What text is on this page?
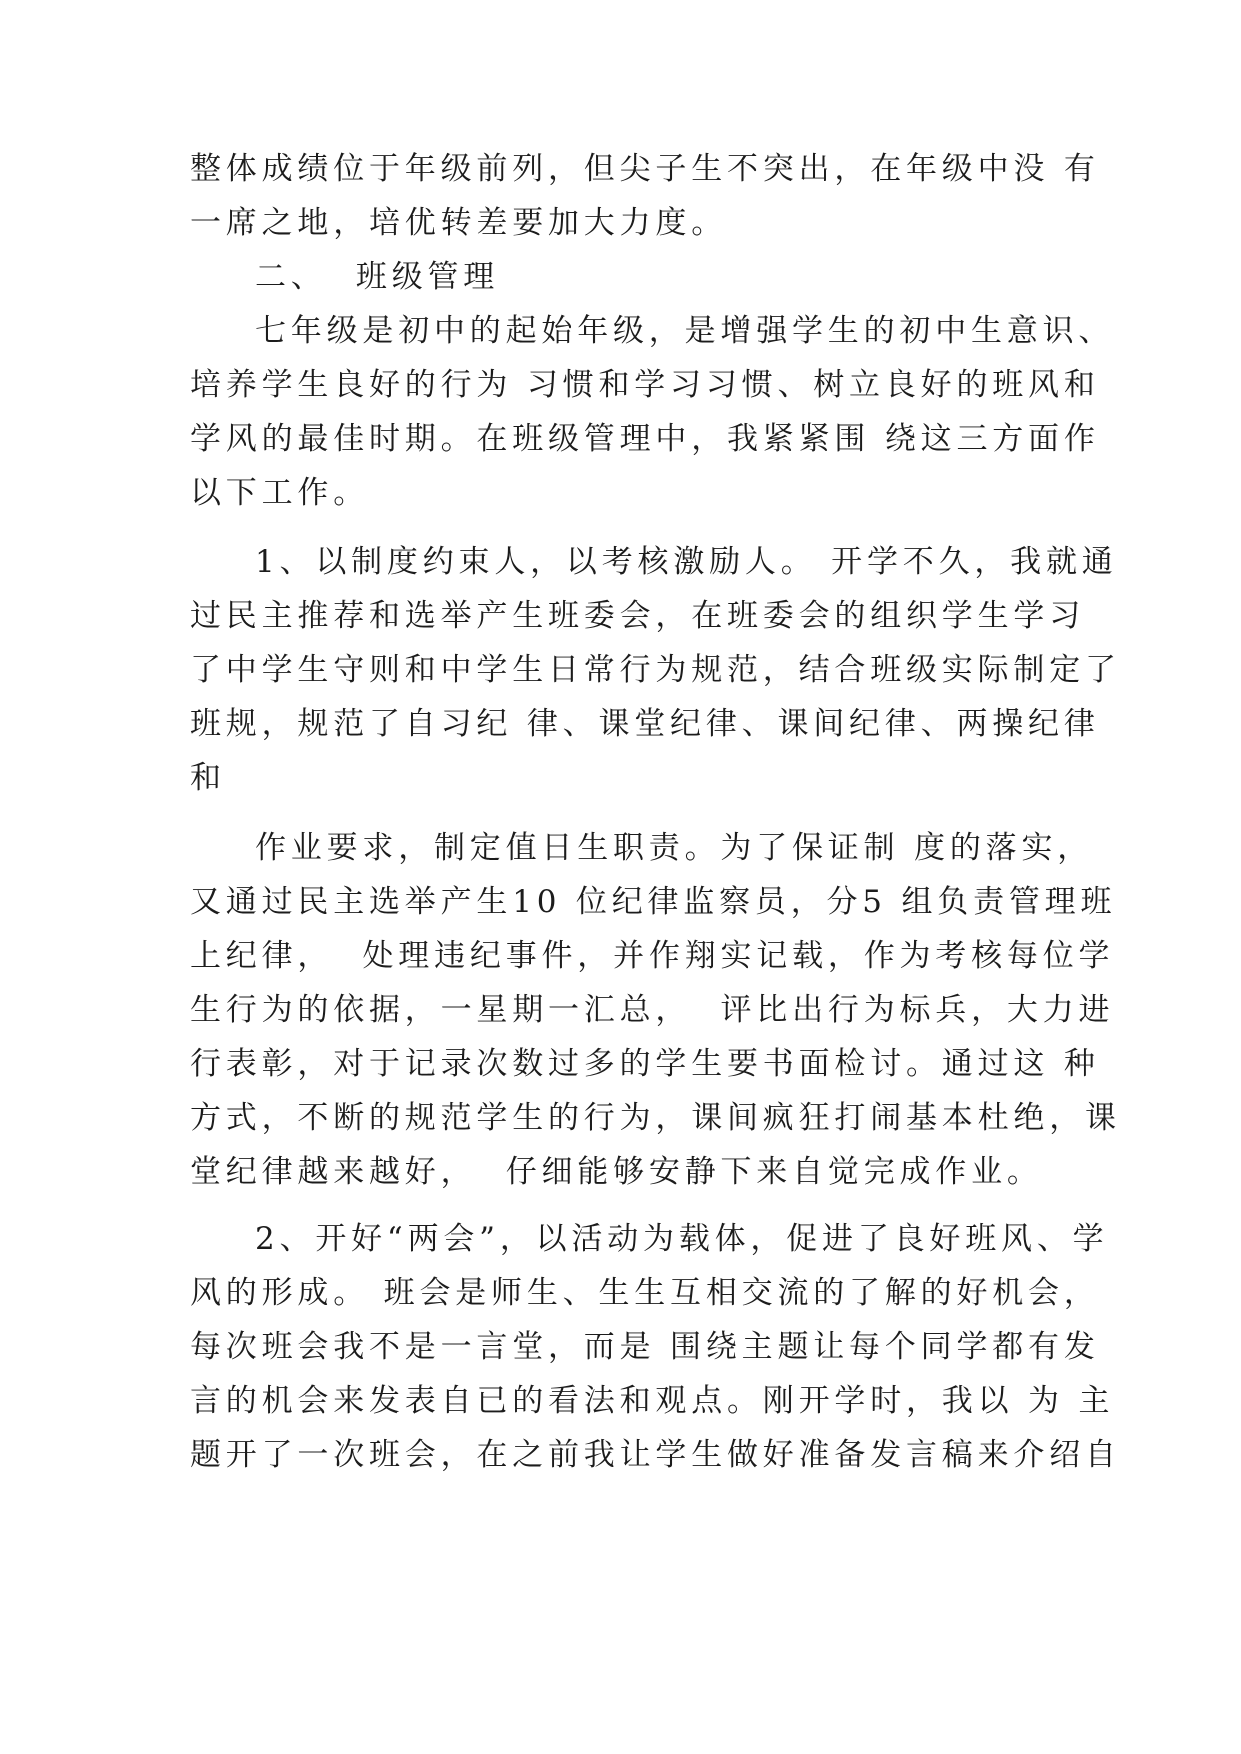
整体成绩位于年级前列，但尖子生不突出，在年级中没 有
一席之地，培优转差要加大力度。
二、  班级管理
七年级是初中的起始年级，是增强学生的初中生意识、
培养学生良好的行为 习惯和学习习惯、树立良好的班风和
学风的最佳时期。在班级管理中，我紧紧围 绕这三方面作
以下工作。
1、以制度约束人，以考核激励人。 开学不久，我就通
过民主推荐和选举产生班委会，在班委会的组织学生学习
了中学生守则和中学生日常行为规范，结合班级实际制定了
班规，规范了自习纪 律、课堂纪律、课间纪律、两操纪律
和
作业要求，制定值日生职责。为了保证制 度的落实，
又通过民主选举产生10 位纪律监察员，分5 组负责管理班
上纪律，  处理违纪事件，并作翔实记载，作为考核每位学
生行为的依据，一星期一汇总，  评比出行为标兵，大力进
行表彰，对于记录次数过多的学生要书面检讨。通过这 种
方式，不断的规范学生的行为，课间疯狂打闹基本杜绝，课
堂纪律越来越好，  仔细能够安静下来自觉完成作业。
2、开好“两会”，以活动为载体，促进了良好班风、学
风的形成。 班会是师生、生生互相交流的了解的好机会，
每次班会我不是一言堂，而是 围绕主题让每个同学都有发
言的机会来发表自已的看法和观点。刚开学时，我以 为 主
题开了一次班会，在之前我让学生做好准备发言稿来介绍自
